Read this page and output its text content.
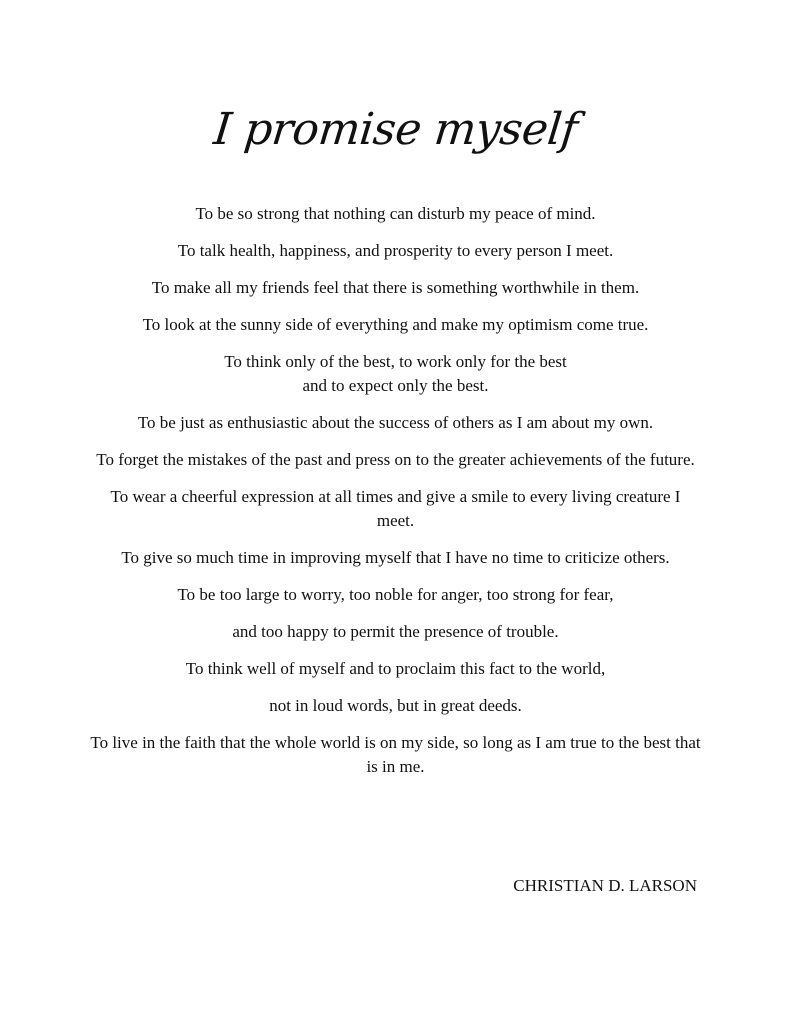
I promise myself

To be so strong that nothing can disturb my peace of mind.

To talk health, happiness, and prosperity to every person I meet.

To make all my friends feel that there is something worthwhile in them.

To look at the sunny side of everything and make my optimism come true.

To think only of the best, to work only for the best
and to expect only the best.

To be just as enthusiastic about the success of others as I am about my own.

To forget the mistakes of the past and press on to the greater achievements of the future.

To wear a cheerful expression at all times and give a smile to every living creature I meet.

To give so much time in improving myself that I have no time to criticize others.

To be too large to worry, too noble for anger, too strong for fear,

and too happy to permit the presence of trouble.

To think well of myself and to proclaim this fact to the world,

not in loud words, but in great deeds.

To live in the faith that the whole world is on my side, so long as I am true to the best that is in me.

CHRISTIAN D. LARSON
